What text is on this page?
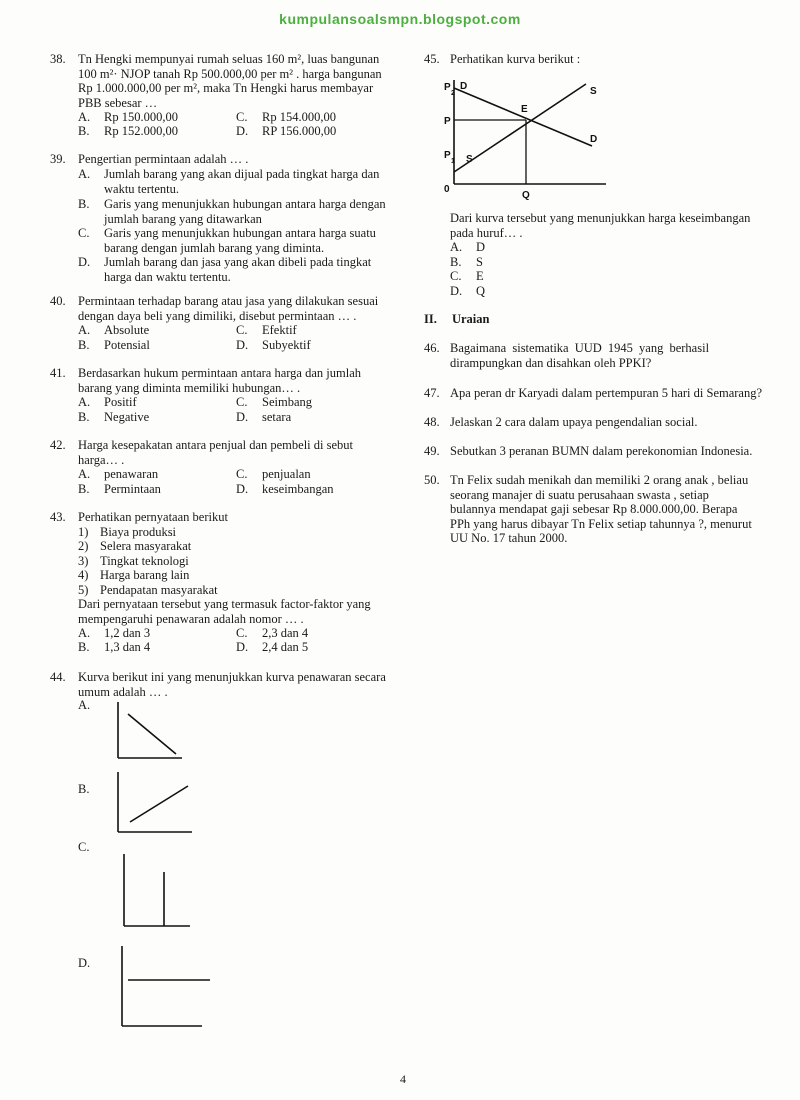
kumpulansoalsmpn.blogspot.com
38. Tn Hengki mempunyai rumah seluas 160 m², luas bangunan
100 m²· NJOP tanah Rp 500.000,00 per m² . harga bangunan
Rp 1.000.000,00 per m², maka Tn Hengki harus membayar
PBB sebesar …
A. Rp 150.000,00	C. Rp 154.000,00
B. Rp 152.000,00	D. RP 156.000,00
39. Pengertian permintaan adalah … .
A. Jumlah barang yang akan dijual pada tingkat harga dan
waktu tertentu.
B. Garis yang menunjukkan hubungan antara harga dengan
jumlah barang yang ditawarkan
C. Garis yang menunjukkan hubungan antara harga suatu
barang dengan jumlah barang yang diminta.
D. Jumlah barang dan jasa yang akan dibeli pada tingkat
harga dan waktu tertentu.
40. Permintaan terhadap barang atau jasa yang dilakukan sesuai
dengan daya beli yang dimiliki, disebut permintaan … .
A. Absolute	C. Efektif
B. Potensial	D. Subyektif
41. Berdasarkan hukum permintaan antara harga dan jumlah
barang yang diminta memiliki hubungan… .
A. Positif	C. Seimbang
B. Negative	D. setara
42. Harga kesepakatan antara penjual dan pembeli di sebut
harga… .
A. penawaran	C. penjualan
B. Permintaan	D. keseimbangan
43. Perhatikan pernyataan berikut
1) Biaya produksi
2) Selera masyarakat
3) Tingkat teknologi
4) Harga barang lain
5) Pendapatan masyarakat
Dari pernyataan tersebut yang termasuk factor-faktor yang
mempengaruhi penawaran adalah nomor … .
A. 1,2 dan 3	C. 2,3 dan 4
B. 1,3 dan 4	D. 2,4 dan 5
44. Kurva berikut ini yang menunjukkan kurva penawaran secara
umum adalah … .
A.
B.
C.
D.
45. Perhatikan kurva berikut :
P
2
D	S
E
P
D
P
1 S
0
Q
Dari kurva tersebut yang menunjukkan harga keseimbangan
pada huruf… .
A. D
B. S
C. E
D. Q
II. Uraian
46. Bagaimana sistematika UUD 1945 yang berhasil
dirampungkan dan disahkan oleh PPKI?
47. Apa peran dr Karyadi dalam pertempuran 5 hari di Semarang?
48. Jelaskan 2 cara dalam upaya pengendalian social.
49. Sebutkan 3 peranan BUMN dalam perekonomian Indonesia.
50. Tn Felix sudah menikah dan memiliki 2 orang anak , beliau
seorang manajer di suatu perusahaan swasta , setiap
bulannya mendapat gaji sebesar Rp 8.000.000,00. Berapa
PPh yang harus dibayar Tn Felix setiap tahunnya ?, menurut
UU No. 17 tahun 2000.
4
